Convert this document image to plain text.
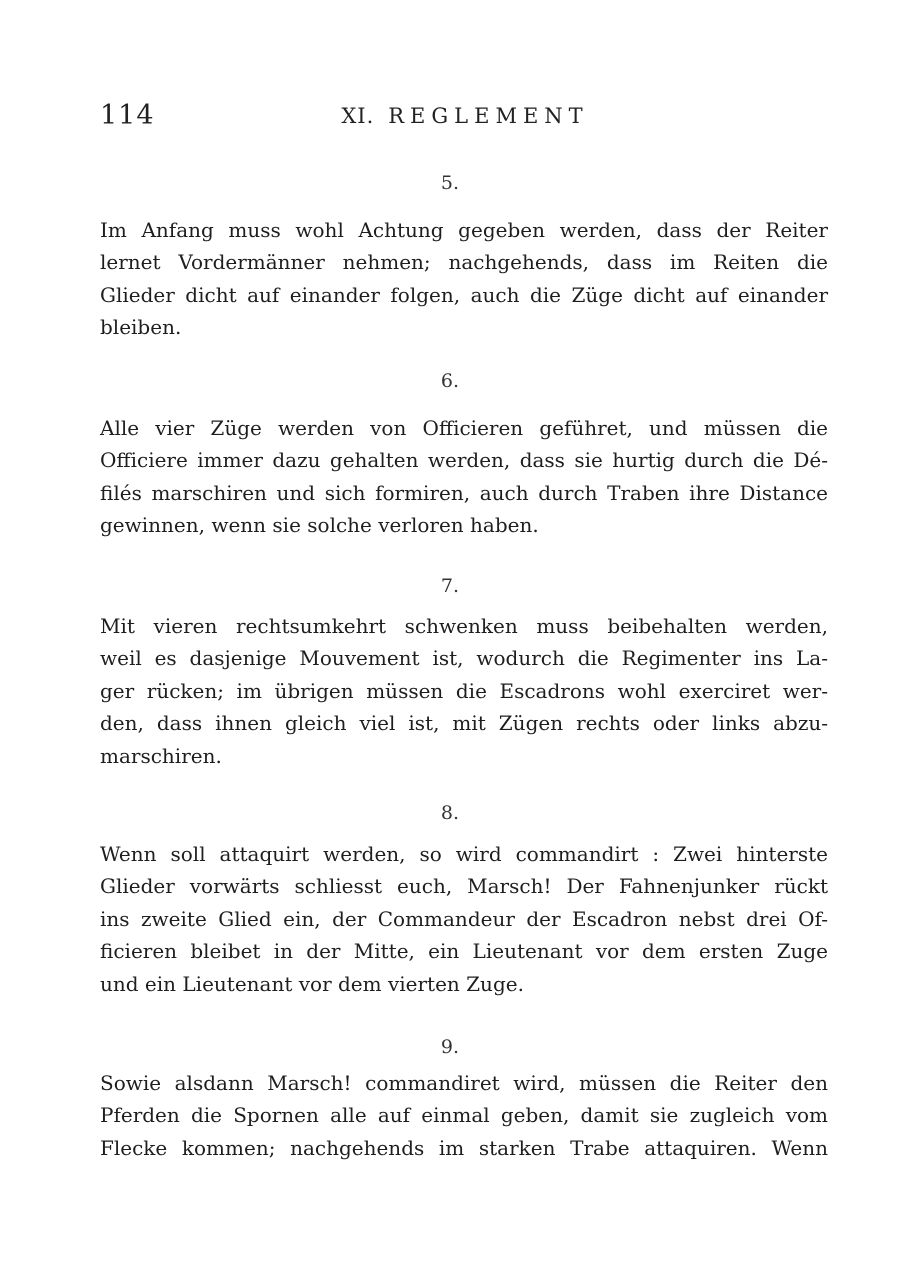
114	XI. REGLEMENT
5.
Im Anfang muss wohl Achtung gegeben werden, dass der Reiter
lernet Vordermänner nehmen; nachgehends, dass im Reiten die
Glieder dicht auf einander folgen, auch die Züge dicht auf einander
bleiben.
6.
Alle vier Züge werden von Officieren geführet, und müssen die
Officiere immer dazu gehalten werden, dass sie hurtig durch die Dé-
filés marschiren und sich formiren, auch durch Traben ihre Distance
gewinnen, wenn sie solche verloren haben.
7.
Mit vieren rechtsumkehrt schwenken muss beibehalten werden,
weil es dasjenige Mouvement ist, wodurch die Regimenter ins La-
ger rücken; im übrigen müssen die Escadrons wohl exerciret wer-
den, dass ihnen gleich viel ist, mit Zügen rechts oder links abzu-
marschiren.
8.
Wenn soll attaquirt werden, so wird commandirt : Zwei hinterste
Glieder vorwärts schliesst euch, Marsch! Der Fahnenjunker rückt
ins zweite Glied ein, der Commandeur der Escadron nebst drei Of-
ficieren bleibet in der Mitte, ein Lieutenant vor dem ersten Zuge
und ein Lieutenant vor dem vierten Zuge.
9.
Sowie alsdann Marsch! commandiret wird, müssen die Reiter den
Pferden die Spornen alle auf einmal geben, damit sie zugleich vom
Flecke kommen; nachgehends im starken Trabe attaquiren. Wenn
